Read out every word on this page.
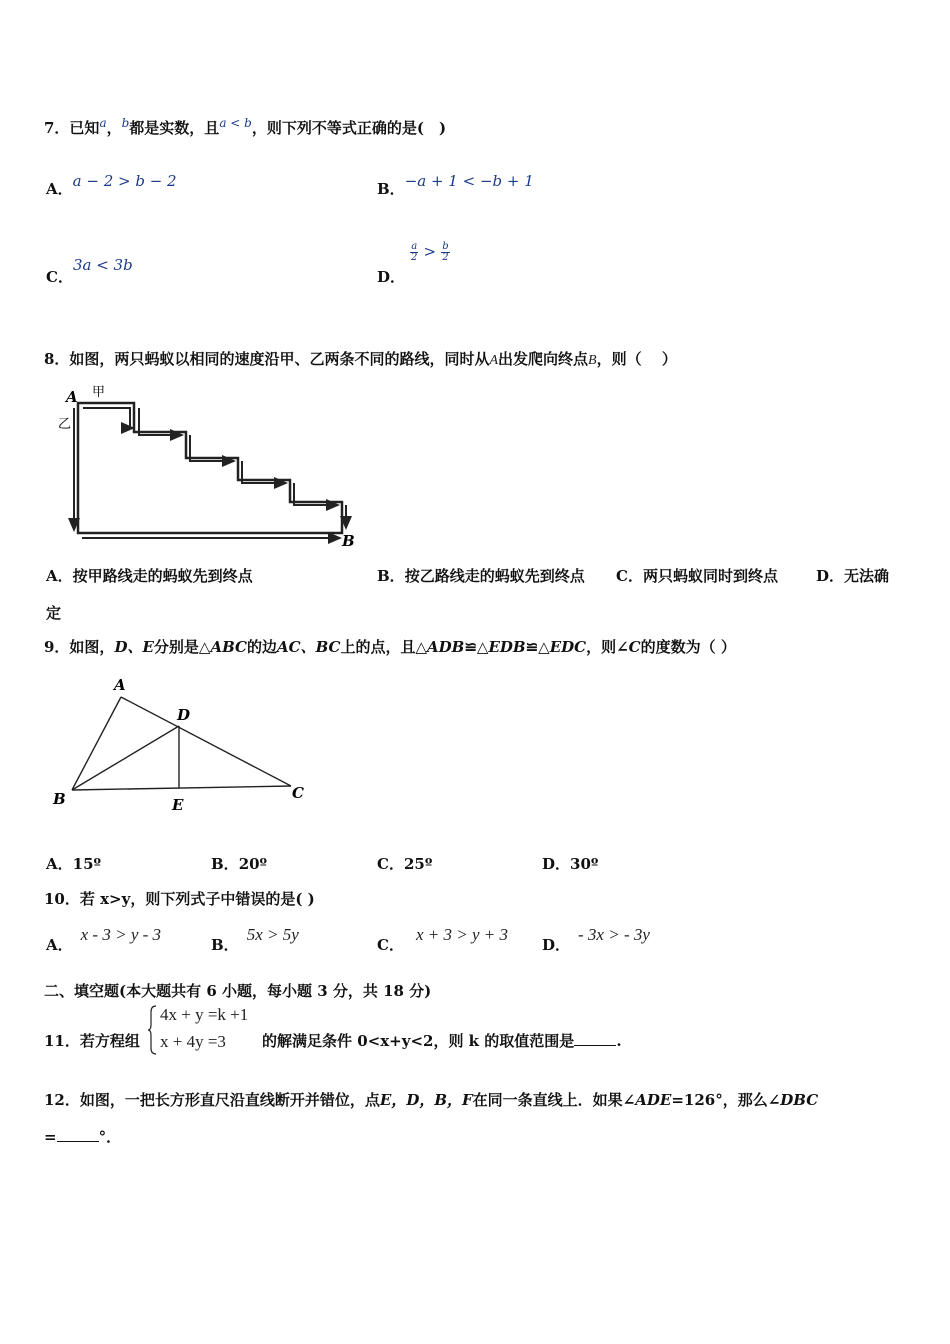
7．已知$^a$，$^b$都是实数，且$^{a < b}$，则下列不等式正确的是(　)
A．a − 2 > b − 2	B．−a + 1 < −b + 1
C．3a < 3b
D．
$\frac{a}{2} > \frac{b}{2}$
8．如图，两只蚂蚁以相同的速度沿甲、乙两条不同的路线，同时从A出发爬向终点B，则（　 ）
A 甲
乙
B
A．按甲路线走的蚂蚁先到终点	B．按乙路线走的蚂蚁先到终点 C．两只蚂蚁同时到终点	D．无法确
定
9．如图，D、E分别是△ABC的边AC、BC上的点，且△ADB≌△EDB≌△EDC，则∠C的度数为（ ）
A
B	C
D
E
A．15º	B．20º	C．25º	D．30º
10．若 x>y，则下列式子中错误的是( )
A．x - 3 > y - 3
B．5x > 5y
C．x + 3 > y + 3
D．- 3x > - 3y
二、填空题(本大题共有 6 小题，每小题 3 分，共 18 分)
11．若方程组
4x + y =k +1
x + 4y =3 的解满足条件 0<x+y<2，则 k 的取值范围是	.
12．如图，一把长方形直尺沿直线断开并错位，点E，D，B，F在同一条直线上．如果∠ADE=126°，那么∠DBC
=	°．
